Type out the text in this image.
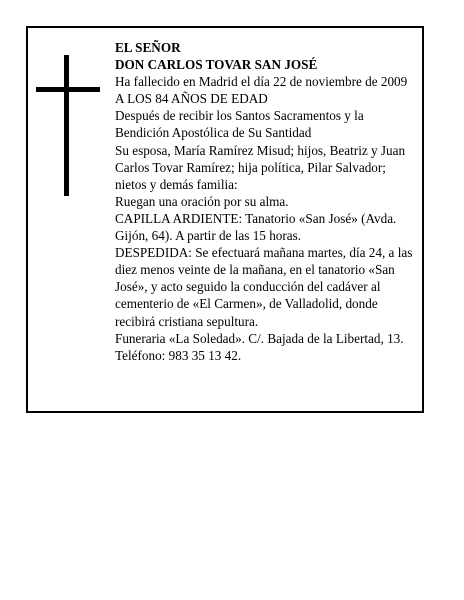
EL SEÑOR

DON CARLOS TOVAR SAN JOSÉ

Ha fallecido en Madrid el día 22 de noviembre de 2009

A LOS 84 AÑOS DE EDAD

Después de recibir los Santos Sacramentos y la Bendición Apostólica de Su Santidad

Su esposa, María Ramírez Misud; hijos, Beatriz y Juan Carlos Tovar Ramírez; hija política, Pilar Salvador; nietos y demás familia:

Ruegan una oración por su alma.

CAPILLA ARDIENTE: Tanatorio «San José» (Avda. Gijón, 64). A partir de las 15 horas.

DESPEDIDA: Se efectuará mañana martes, día 24, a las diez menos veinte de la mañana, en el tanatorio «San José», y acto seguido la conducción del cadáver al cementerio de «El Carmen», de Valladolid, donde recibirá cristiana sepultura.

Funeraria «La Soledad». C/. Bajada de la Libertad, 13. Teléfono: 983 35 13 42.
